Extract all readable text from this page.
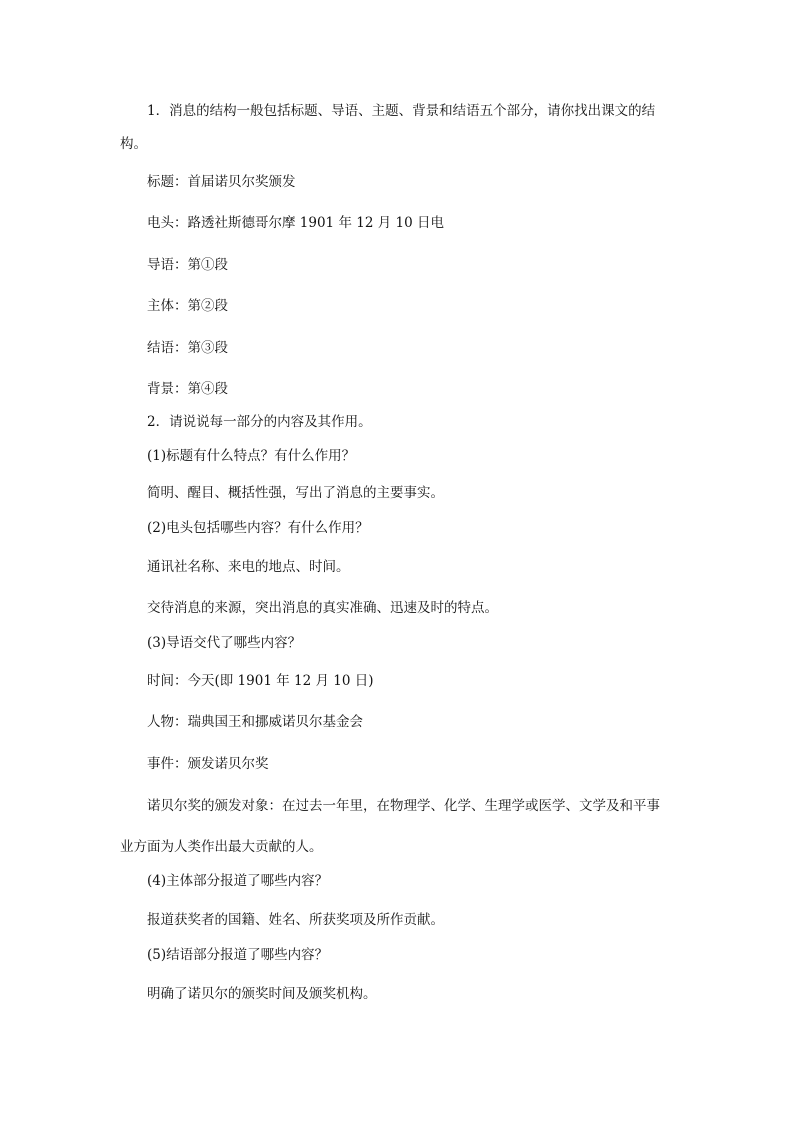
1．消息的结构一般包括标题、导语、主题、背景和结语五个部分，请你找出课文的结
构。
标题：首届诺贝尔奖颁发
电头：路透社斯德哥尔摩 1901 年 12 月 10 日电
导语：第①段
主体：第②段
结语：第③段
背景：第④段
2．请说说每一部分的内容及其作用。
(1)标题有什么特点？有什么作用？
简明、醒目、概括性强，写出了消息的主要事实。
(2)电头包括哪些内容？有什么作用？
通讯社名称、来电的地点、时间。
交待消息的来源，突出消息的真实准确、迅速及时的特点。
(3)导语交代了哪些内容？
时间：今天(即 1901 年 12 月 10 日)
人物：瑞典国王和挪威诺贝尔基金会
事件：颁发诺贝尔奖
诺贝尔奖的颁发对象：在过去一年里，在物理学、化学、生理学或医学、文学及和平事
业方面为人类作出最大贡献的人。
(4)主体部分报道了哪些内容？
报道获奖者的国籍、姓名、所获奖项及所作贡献。
(5)结语部分报道了哪些内容？
明确了诺贝尔的颁奖时间及颁奖机构。
